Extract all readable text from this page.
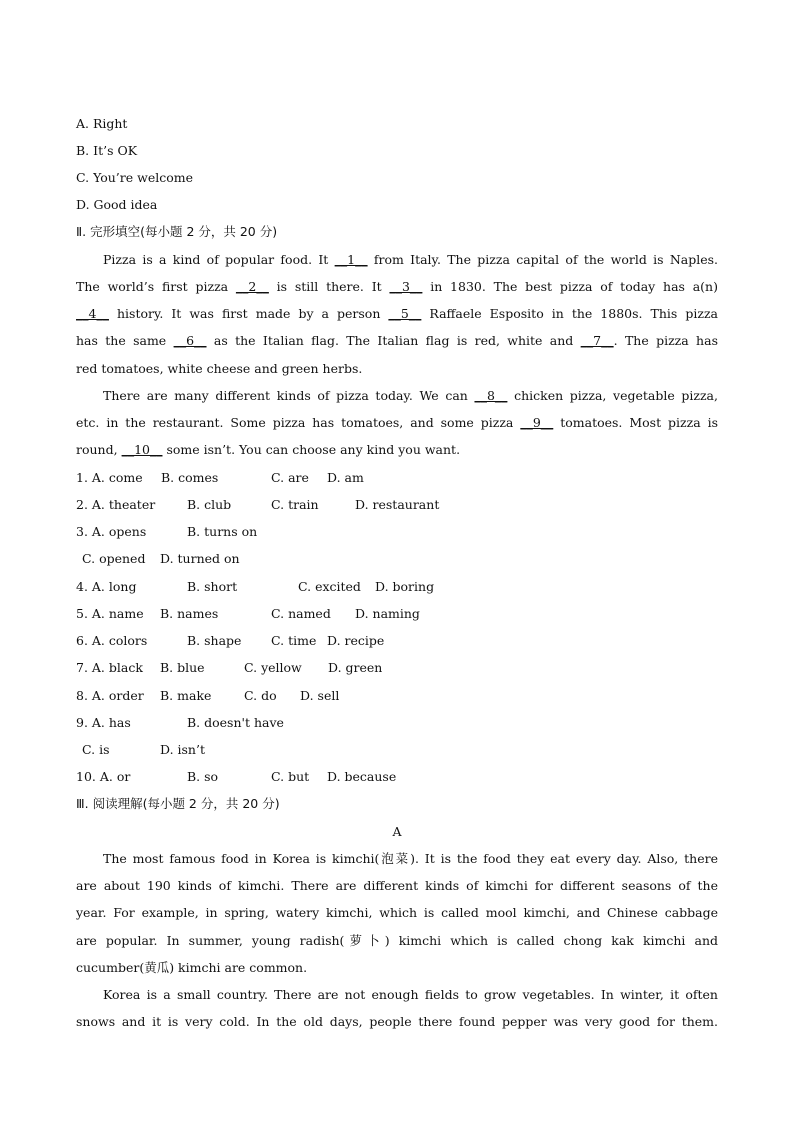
A. Right
B. It’s OK
C. You’re welcome
D. Good idea
Ⅱ. 完形填空(每小题 2 分，共 20 分)
Pizza is a kind of popular food. It __1__ from Italy. The pizza capital of the world is Naples.
The world’s first pizza __2__ is still there. It __3__ in 1830. The best pizza of today has a(n)
__4__ history. It was first made by a person __5__ Raffaele Esposito in the 1880s. This pizza
has the same __6__ as the Italian flag. The Italian flag is red, white and __7__. The pizza has
red tomatoes, white cheese and green herbs.
There are many different kinds of pizza today. We can __8__ chicken pizza, vegetable pizza,
etc. in the restaurant. Some pizza has tomatoes, and some pizza __9__ tomatoes. Most pizza is
round, __10__ some isn’t. You can choose any kind you want.
1. A. come B. comes	C. are D. am
2. A. theater	B. club	C. train	D. restaurant
3. A. opens	B. turns on
C. opened D. turned on
4. A. long	B. short	C. excited D. boring
5. A. name B. names	C. named D. naming
6. A. colors	B. shape C. time D. recipe
7. A. black B. blue	C. yellow D. green
8. A. order B. make	C. do D. sell
9. A. has	B. doesn't have
C. is	D. isn’t
10. A. or	B. so	C. but D. because
Ⅲ. 阅读理解(每小题 2 分，共 20 分)
A
The most famous food in Korea is kimchi(泡菜). It is the food they eat every day. Also, there
are about 190 kinds of kimchi. There are different kinds of kimchi for different seasons of the
year. For example, in spring, watery kimchi, which is called mool kimchi, and Chinese cabbage
are popular. In summer, young radish(萝卜) kimchi which is called chong kak kimchi and
cucumber(黄瓜) kimchi are common.
Korea is a small country. There are not enough fields to grow vegetables. In winter, it often
snows and it is very cold. In the old days, people there found pepper was very good for them.
